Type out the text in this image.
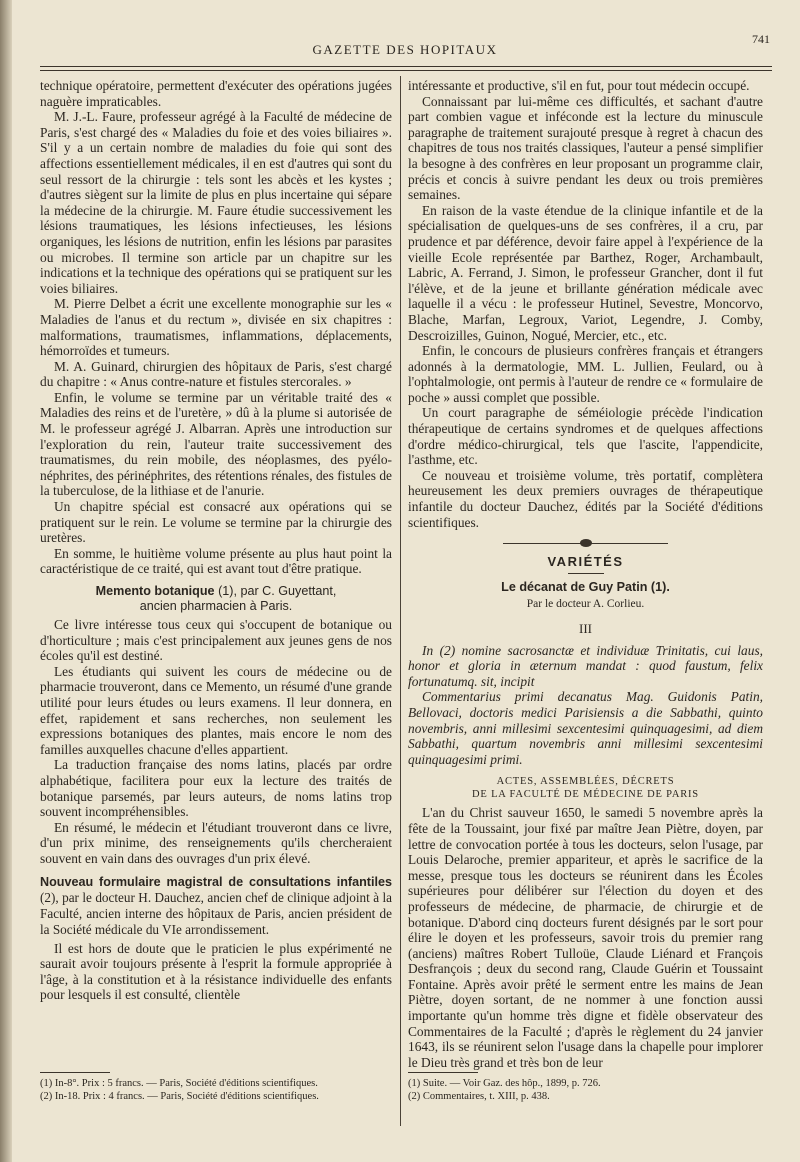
GAZETTE DES HOPITAUX
741

technique opératoire, permettent d'exécuter des opérations jugées naguère impraticables.

M. J.-L. Faure, professeur agrégé à la Faculté de médecine de Paris, s'est chargé des « Maladies du foie et des voies biliaires ». S'il y a un certain nombre de maladies du foie qui sont des affections essentiellement médicales, il en est d'autres qui sont du seul ressort de la chirurgie : tels sont les abcès et les kystes ; d'autres siègent sur la limite de plus en plus incertaine qui sépare la médecine de la chirurgie. M. Faure étudie successivement les lésions traumatiques, les lésions infectieuses, les lésions organiques, les lésions de nutrition, enfin les lésions par parasites ou microbes. Il termine son article par un chapitre sur les indications et la technique des opérations qui se pratiquent sur les voies biliaires.

M. Pierre Delbet a écrit une excellente monographie sur les « Maladies de l'anus et du rectum », divisée en six chapitres : malformations, traumatismes, inflammations, déplacements, hémorroïdes et tumeurs.

M. A. Guinard, chirurgien des hôpitaux de Paris, s'est chargé du chapitre : « Anus contre-nature et fistules stercorales. »

Enfin, le volume se termine par un véritable traité des « Maladies des reins et de l'uretère, » dû à la plume si autorisée de M. le professeur agrégé J. Albarran. Après une introduction sur l'exploration du rein, l'auteur traite successivement des traumatismes, du rein mobile, des néoplasmes, des pyélo-néphrites, des périnéphrites, des rétentions rénales, des fistules de la tuberculose, de la lithiase et de l'anurie.

Un chapitre spécial est consacré aux opérations qui se pratiquent sur le rein. Le volume se termine par la chirurgie des uretères.

En somme, le huitième volume présente au plus haut point la caractéristique de ce traité, qui est avant tout d'être pratique.

Memento botanique (1), par C. Guyettant,
ancien pharmacien à Paris.

Ce livre intéresse tous ceux qui s'occupent de botanique ou d'horticulture ; mais c'est principalement aux jeunes gens de nos écoles qu'il est destiné.

Les étudiants qui suivent les cours de médecine ou de pharmacie trouveront, dans ce Memento, un résumé d'une grande utilité pour leurs études ou leurs examens. Il leur donnera, en effet, rapidement et sans recherches, non seulement les expressions botaniques des plantes, mais encore le nom des familles auxquelles chacune d'elles appartient.

La traduction française des noms latins, placés par ordre alphabétique, facilitera pour eux la lecture des traités de botanique parsemés, par leurs auteurs, de noms latins trop souvent incompréhensibles.

En résumé, le médecin et l'étudiant trouveront dans ce livre, d'un prix minime, des renseignements qu'ils chercheraient souvent en vain dans des ouvrages d'un prix élevé.

Nouveau formulaire magistral de consultations infantiles (2), par le docteur H. Dauchez, ancien chef de clinique adjoint à la Faculté, ancien interne des hôpitaux de Paris, ancien président de la Société médicale du VIe arrondissement.

Il est hors de doute que le praticien le plus expérimenté ne saurait avoir toujours présente à l'esprit la formule appropriée à l'âge, à la constitution et à la résistance individuelle des enfants pour lesquels il est consulté, clientèle

(1) In-8°. Prix : 5 francs. — Paris, Société d'éditions scientifiques.
(2) In-18. Prix : 4 francs. — Paris, Société d'éditions scientifiques.

intéressante et productive, s'il en fut, pour tout médecin occupé.

Connaissant par lui-même ces difficultés, et sachant d'autre part combien vague et inféconde est la lecture du minuscule paragraphe de traitement surajouté presque à regret à chacun des chapitres de tous nos traités classiques, l'auteur a pensé simplifier la besogne à des confrères en leur proposant un programme clair, précis et concis à suivre pendant les deux ou trois premières semaines.

En raison de la vaste étendue de la clinique infantile et de la spécialisation de quelques-uns de ses confrères, il a cru, par prudence et par déférence, devoir faire appel à l'expérience de la vieille Ecole représentée par Barthez, Roger, Archambault, Labric, A. Ferrand, J. Simon, le professeur Grancher, dont il fut l'élève, et de la jeune et brillante génération médicale avec laquelle il a vécu : le professeur Hutinel, Sevestre, Moncorvo, Blache, Marfan, Legroux, Variot, Legendre, J. Comby, Descroizilles, Guinon, Nogué, Mercier, etc., etc.

Enfin, le concours de plusieurs confrères français et étrangers adonnés à la dermatologie, MM. L. Jullien, Feulard, ou à l'ophtalmologie, ont permis à l'auteur de rendre ce « formulaire de poche » aussi complet que possible.

Un court paragraphe de séméiologie précède l'indication thérapeutique de certains syndromes et de quelques affections d'ordre médico-chirurgical, tels que l'ascite, l'appendicite, l'asthme, etc.

Ce nouveau et troisième volume, très portatif, complètera heureusement les deux premiers ouvrages de thérapeutique infantile du docteur Dauchez, édités par la Société d'éditions scientifiques.

VARIÉTÉS
Le décanat de Guy Patin (1).
Par le docteur A. Corlieu.
III

In (2) nomine sacrosanctæ et individuæ Trinitatis, cui laus, honor et gloria in æternum mandat : quod faustum, felix fortunatumq. sit, incipit

Commentarius primi decanatus Mag. Guidonis Patin, Bellovaci, doctoris medici Parisiensis a die Sabbathi, quinto novembris, anni millesimi sexcentesimi quinquagesimi, ad diem Sabbathi, quartum novembris anni millesimi sexcentesimi quinquagesimi primi.

ACTES, ASSEMBLÉES, DÉCRETS
DE LA FACULTÉ DE MÉDECINE DE PARIS

L'an du Christ sauveur 1650, le samedi 5 novembre après la fête de la Toussaint, jour fixé par maître Jean Piètre, doyen, par lettre de convocation portée à tous les docteurs, selon l'usage, par Louis Delaroche, premier appariteur, et après le sacrifice de la messe, presque tous les docteurs se réunirent dans les Écoles supérieures pour délibérer sur l'élection du doyen et des professeurs de médecine, de pharmacie, de chirurgie et de botanique. D'abord cinq docteurs furent désignés par le sort pour élire le doyen et les professeurs, savoir trois du premier rang (anciens) maîtres Robert Tulloüe, Claude Liénard et François Desfrançois ; deux du second rang, Claude Guérin et Toussaint Fontaine. Après avoir prêté le serment entre les mains de Jean Piètre, doyen sortant, de ne nommer à une fonction aussi importante qu'un homme très digne et fidèle observateur des Commentaires de la Faculté ; d'après le règlement du 24 janvier 1643, ils se réunirent selon l'usage dans la chapelle pour implorer le Dieu très grand et très bon de leur

(1) Suite. — Voir Gaz. des hôp., 1899, p. 726.
(2) Commentaires, t. XIII, p. 438.
